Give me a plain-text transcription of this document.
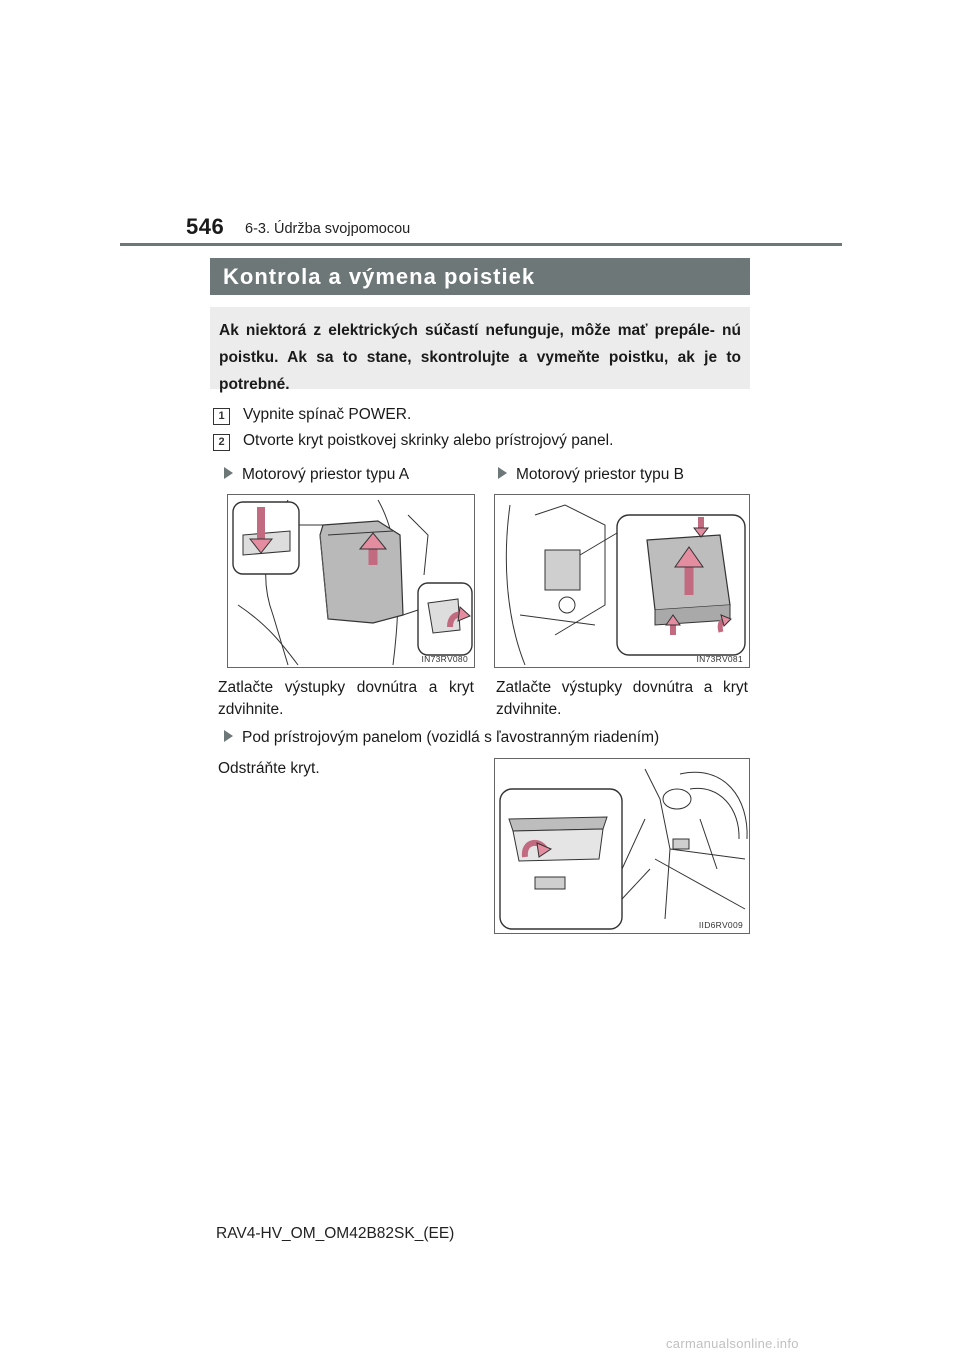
546 6-3. Údržba svojpomocou
Kontrola a výmena poistiek
Ak niektorá z elektrických súčastí nefunguje, môže mať prepále- nú poistku. Ak sa to stane, skontrolujte a vymeňte poistku, ak je to potrebné.
1	Vypnite spínač POWER.
2	Otvorte kryt poistkovej skrinky alebo prístrojový panel.
Motorový priestor typu A	Motorový priestor typu B
IN73RV080	IN73RV081
Zatlačte výstupky dovnútra a kryt zdvihnite.
Zatlačte výstupky dovnútra a kryt zdvihnite.
Pod prístrojovým panelom (vozidlá s ľavostranným riadením)
Odstráňte kryt.
IID6RV009
RAV4-HV_OM_OM42B82SK_(EE)
carmanualsonline.info
